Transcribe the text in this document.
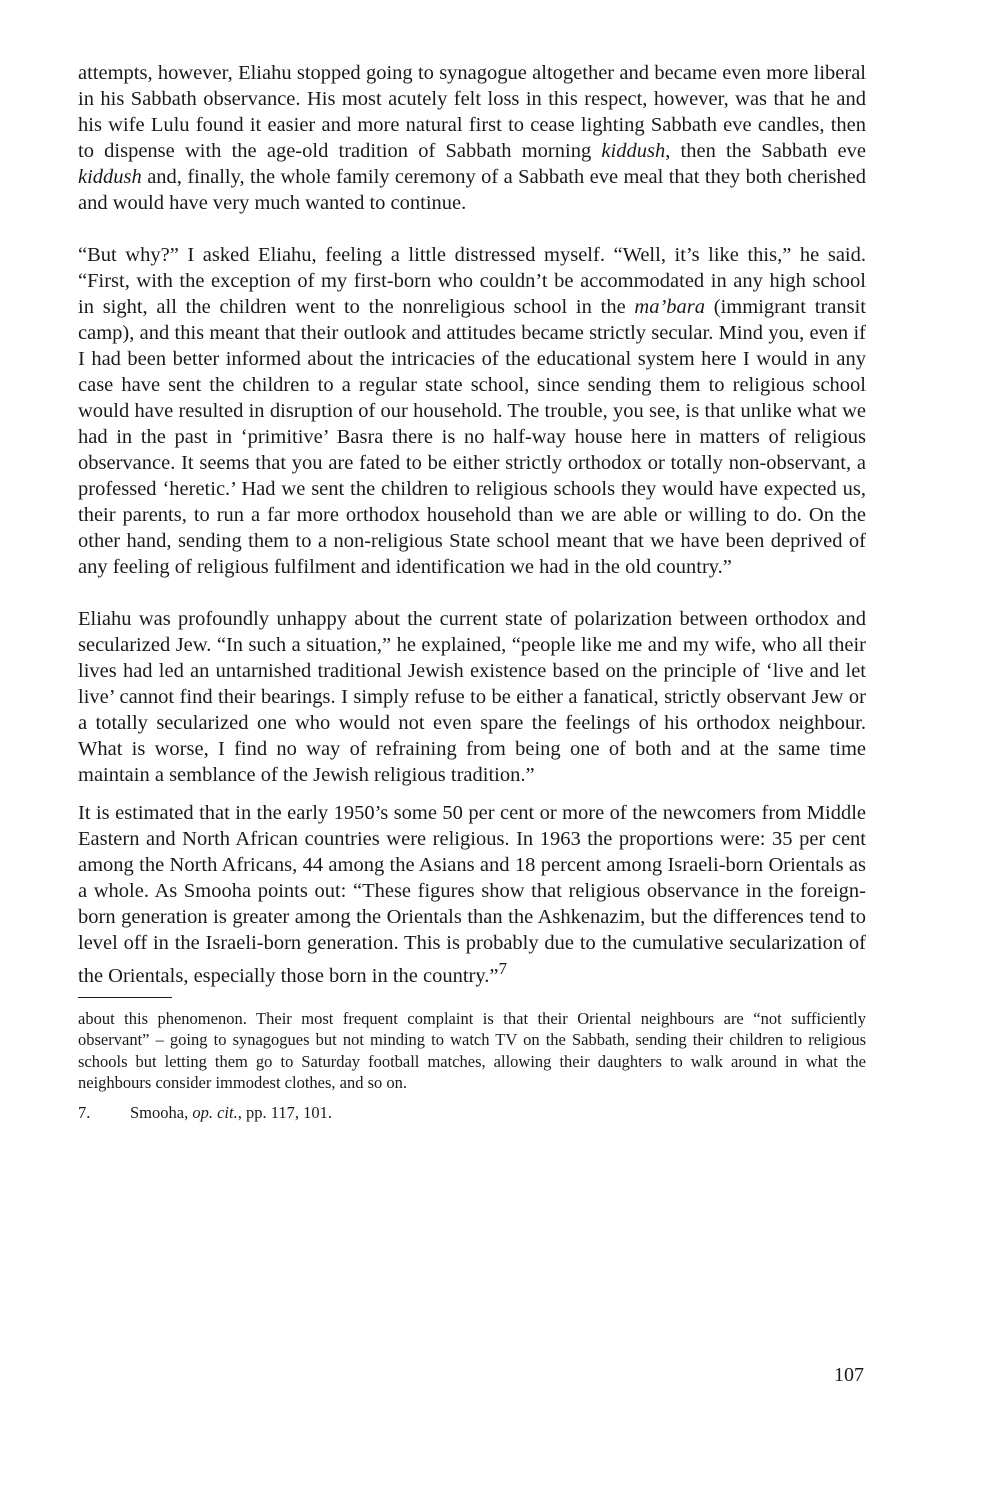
attempts, however, Eliahu stopped going to synagogue altogether and became even more liberal in his Sabbath observance. His most acutely felt loss in this respect, however, was that he and his wife Lulu found it easier and more natural first to cease lighting Sabbath eve candles, then to dispense with the age-old tradition of Sabbath morning kiddush, then the Sabbath eve kiddush and, finally, the whole family ceremony of a Sabbath eve meal that they both cherished and would have very much wanted to continue.

“But why?” I asked Eliahu, feeling a little distressed myself. “Well, it’s like this,” he said. “First, with the exception of my first-born who couldn’t be accommodated in any high school in sight, all the children went to the nonreligious school in the ma’bara (immigrant transit camp), and this meant that their outlook and attitudes became strictly secular. Mind you, even if I had been better informed about the intricacies of the educational system here I would in any case have sent the children to a regular state school, since sending them to religious school would have resulted in disruption of our household. The trouble, you see, is that unlike what we had in the past in ‘primitive’ Basra there is no half-way house here in matters of religious observance. It seems that you are fated to be either strictly orthodox or totally non-observant, a professed ‘heretic.’ Had we sent the children to religious schools they would have expected us, their parents, to run a far more orthodox household than we are able or willing to do. On the other hand, sending them to a non-religious State school meant that we have been deprived of any feeling of religious fulfilment and identification we had in the old country.”

Eliahu was profoundly unhappy about the current state of polarization between orthodox and secularized Jew. “In such a situation,” he explained, “people like me and my wife, who all their lives had led an untarnished traditional Jewish existence based on the principle of ‘live and let live’ cannot find their bearings. I simply refuse to be either a fanatical, strictly observant Jew or a totally secularized one who would not even spare the feelings of his orthodox neighbour. What is worse, I find no way of refraining from being one of both and at the same time maintain a semblance of the Jewish religious tradition.”

It is estimated that in the early 1950’s some 50 per cent or more of the newcomers from Middle Eastern and North African countries were religious. In 1963 the proportions were: 35 per cent among the North Africans, 44 among the Asians and 18 percent among Israeli-born Orientals as a whole. As Smooha points out: “These figures show that religious observance in the foreign-born generation is greater among the Orientals than the Ashkenazim, but the differences tend to level off in the Israeli-born generation. This is probably due to the cumulative secularization of the Orientals, especially those born in the country.”$^7$

about this phenomenon. Their most frequent complaint is that their Oriental neighbours are “not sufficiently observant” – going to synagogues but not minding to watch TV on the Sabbath, sending their children to religious schools but letting them go to Saturday football matches, allowing their daughters to walk around in what the neighbours consider immodest clothes, and so on.

7. Smooha, op. cit., pp. 117, 101.

107
